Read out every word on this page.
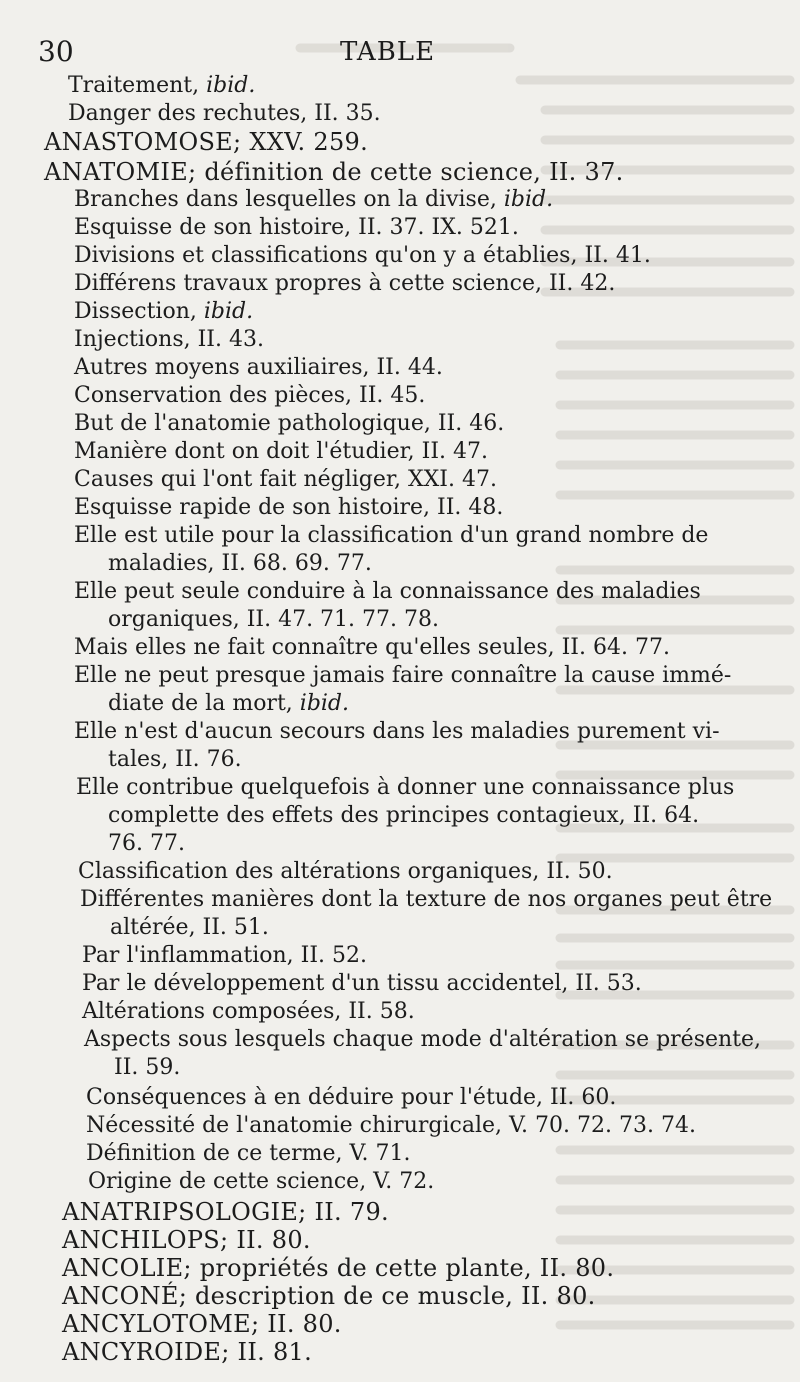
30	TABLE
Traitement, ibid.
Danger des rechutes, II. 35.
ANASTOMOSE; XXV. 259.
ANATOMIE; définition de cette science, II. 37.
Branches dans lesquelles on la divise, ibid.
Esquisse de son histoire, II. 37. IX. 521.
Divisions et classifications qu'on y a établies, II. 41.
Différens travaux propres à cette science, II. 42.
Dissection, ibid.
Injections, II. 43.
Autres moyens auxiliaires, II. 44.
Conservation des pièces, II. 45.
But de l'anatomie pathologique, II. 46.
Manière dont on doit l'étudier, II. 47.
Causes qui l'ont fait négliger, XXI. 47.
Esquisse rapide de son histoire, II. 48.
Elle est utile pour la classification d'un grand nombre de
maladies, II. 68. 69. 77.
Elle peut seule conduire à la connaissance des maladies
organiques, II. 47. 71. 77. 78.
Mais elles ne fait connaître qu'elles seules, II. 64. 77.
Elle ne peut presque jamais faire connaître la cause immé-
diate de la mort, ibid.
Elle n'est d'aucun secours dans les maladies purement vi-
tales, II. 76.
Elle contribue quelquefois à donner une connaissance plus
complette des effets des principes contagieux, II. 64.
76. 77.
Classification des altérations organiques, II. 50.
Différentes manières dont la texture de nos organes peut être
altérée, II. 51.
Par l'inflammation, II. 52.
Par le développement d'un tissu accidentel, II. 53.
Altérations composées, II. 58.
Aspects sous lesquels chaque mode d'altération se présente,
II. 59.
Conséquences à en déduire pour l'étude, II. 60.
Nécessité de l'anatomie chirurgicale, V. 70. 72. 73. 74.
Définition de ce terme, V. 71.
Origine de cette science, V. 72.
ANATRIPSOLOGIE; II. 79.
ANCHILOPS; II. 80.
ANCOLIE; propriétés de cette plante, II. 80.
ANCONÉ; description de ce muscle, II. 80.
ANCYLOTOME; II. 80.
ANCYROIDE; II. 81.
